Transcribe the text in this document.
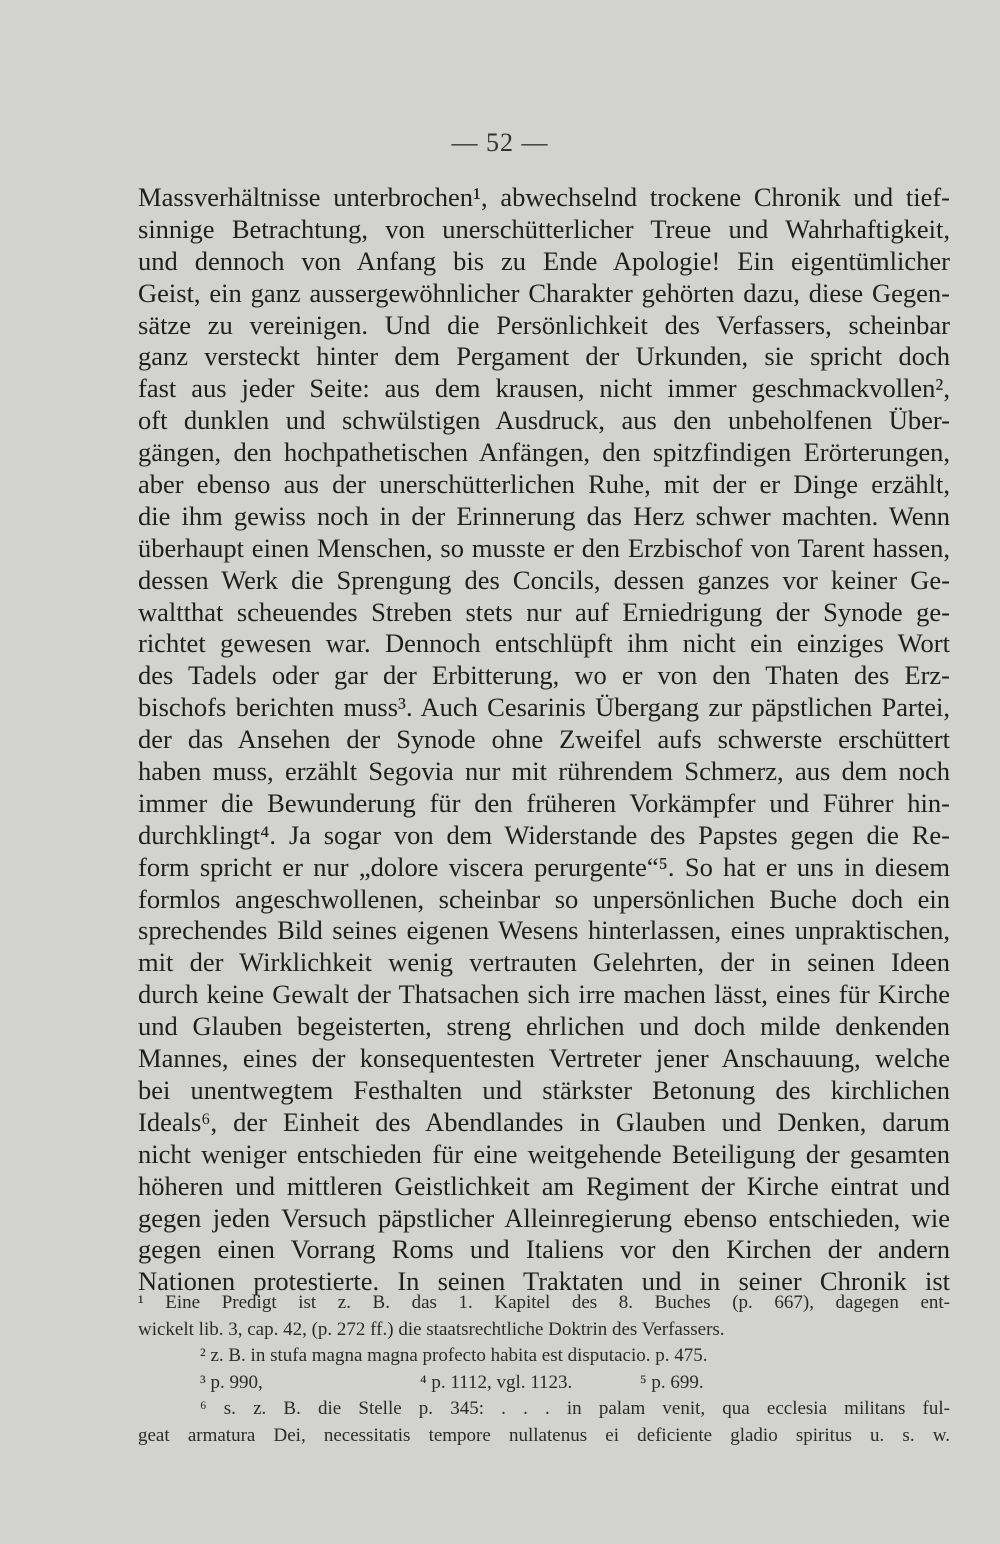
— 52 —
Massverhältnisse unterbrochen¹, abwechselnd trockene Chronik und tief-
sinnige Betrachtung, von unerschütterlicher Treue und Wahrhaftigkeit,
und dennoch von Anfang bis zu Ende Apologie! Ein eigentümlicher
Geist, ein ganz aussergewöhnlicher Charakter gehörten dazu, diese Gegen-
sätze zu vereinigen. Und die Persönlichkeit des Verfassers, scheinbar
ganz versteckt hinter dem Pergament der Urkunden, sie spricht doch
fast aus jeder Seite: aus dem krausen, nicht immer geschmackvollen²,
oft dunklen und schwülstigen Ausdruck, aus den unbeholfenen Über-
gängen, den hochpathetischen Anfängen, den spitzfindigen Erörterungen,
aber ebenso aus der unerschütterlichen Ruhe, mit der er Dinge erzählt,
die ihm gewiss noch in der Erinnerung das Herz schwer machten. Wenn
überhaupt einen Menschen, so musste er den Erzbischof von Tarent hassen,
dessen Werk die Sprengung des Concils, dessen ganzes vor keiner Ge-
waltthat scheuendes Streben stets nur auf Erniedrigung der Synode ge-
richtet gewesen war. Dennoch entschlüpft ihm nicht ein einziges Wort
des Tadels oder gar der Erbitterung, wo er von den Thaten des Erz-
bischofs berichten muss³. Auch Cesarinis Übergang zur päpstlichen Partei,
der das Ansehen der Synode ohne Zweifel aufs schwerste erschüttert
haben muss, erzählt Segovia nur mit rührendem Schmerz, aus dem noch
immer die Bewunderung für den früheren Vorkämpfer und Führer hin-
durchklingt⁴. Ja sogar von dem Widerstande des Papstes gegen die Re-
form spricht er nur „dolore viscera perurgente“⁵. So hat er uns in diesem
formlos angeschwollenen, scheinbar so unpersönlichen Buche doch ein
sprechendes Bild seines eigenen Wesens hinterlassen, eines unpraktischen,
mit der Wirklichkeit wenig vertrauten Gelehrten, der in seinen Ideen
durch keine Gewalt der Thatsachen sich irre machen lässt, eines für Kirche
und Glauben begeisterten, streng ehrlichen und doch milde denkenden
Mannes, eines der konsequentesten Vertreter jener Anschauung, welche
bei unentwegtem Festhalten und stärkster Betonung des kirchlichen
Ideals⁶, der Einheit des Abendlandes in Glauben und Denken, darum
nicht weniger entschieden für eine weitgehende Beteiligung der gesamten
höheren und mittleren Geistlichkeit am Regiment der Kirche eintrat und
gegen jeden Versuch päpstlicher Alleinregierung ebenso entschieden, wie
gegen einen Vorrang Roms und Italiens vor den Kirchen der andern
Nationen protestierte. In seinen Traktaten und in seiner Chronik ist
¹ Eine Predigt ist z. B. das 1. Kapitel des 8. Buches (p. 667), dagegen ent-
wickelt lib. 3, cap. 42, (p. 272 ff.) die staatsrechtliche Doktrin des Verfassers.
² z. B. in stufa magna magna profecto habita est disputacio. p. 475.
³ p. 990,	⁴ p. 1112, vgl. 1123.	⁵ p. 699.
⁶ s. z. B. die Stelle p. 345: . . . in palam venit, qua ecclesia militans ful-
geat armatura Dei, necessitatis tempore nullatenus ei deficiente gladio spiritus u. s. w.
